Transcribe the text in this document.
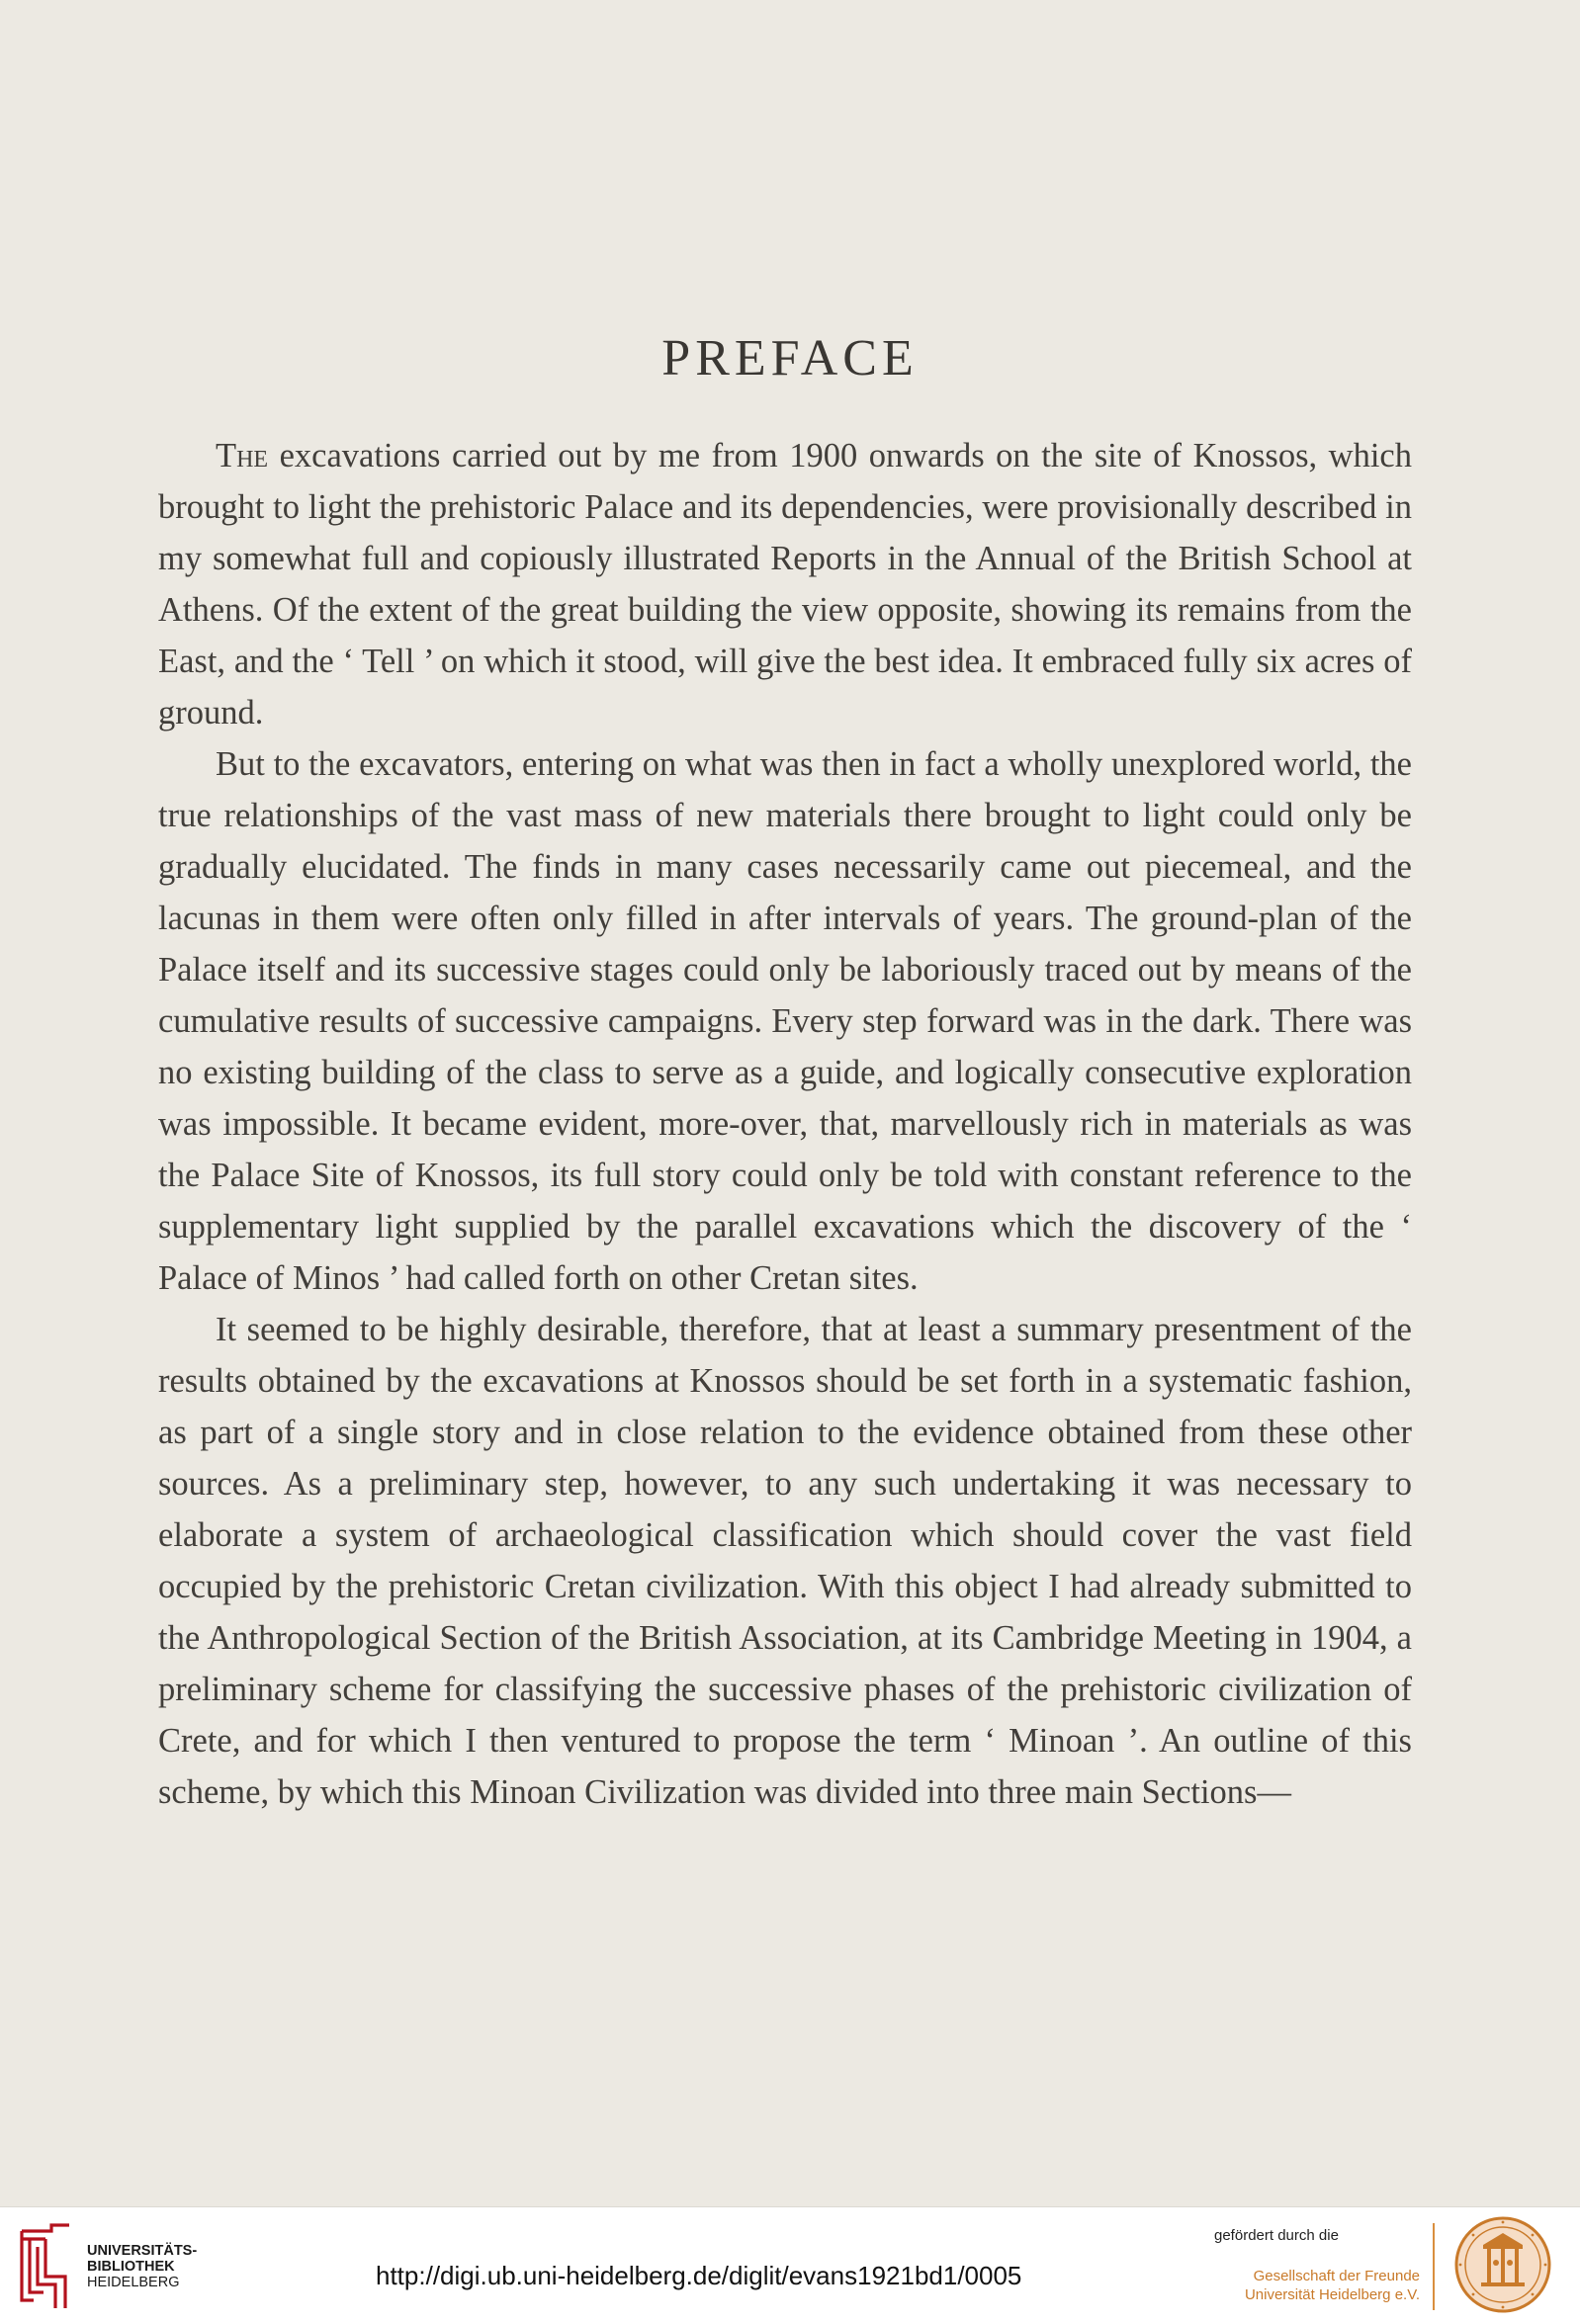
PREFACE

The excavations carried out by me from 1900 onwards on the site of Knossos, which brought to light the prehistoric Palace and its dependencies, were provisionally described in my somewhat full and copiously illustrated Reports in the Annual of the British School at Athens. Of the extent of the great building the view opposite, showing its remains from the East, and the ‘ Tell ’ on which it stood, will give the best idea. It embraced fully six acres of ground.

But to the excavators, entering on what was then in fact a wholly unexplored world, the true relationships of the vast mass of new materials there brought to light could only be gradually elucidated. The finds in many cases necessarily came out piecemeal, and the lacunas in them were often only filled in after intervals of years. The ground-plan of the Palace itself and its successive stages could only be laboriously traced out by means of the cumulative results of successive campaigns. Every step forward was in the dark. There was no existing building of the class to serve as a guide, and logically consecutive exploration was impossible. It became evident, more-over, that, marvellously rich in materials as was the Palace Site of Knossos, its full story could only be told with constant reference to the supplementary light supplied by the parallel excavations which the discovery of the ‘ Palace of Minos ’ had called forth on other Cretan sites.

It seemed to be highly desirable, therefore, that at least a summary presentment of the results obtained by the excavations at Knossos should be set forth in a systematic fashion, as part of a single story and in close relation to the evidence obtained from these other sources. As a preliminary step, however, to any such undertaking it was necessary to elaborate a system of archaeological classification which should cover the vast field occupied by the prehistoric Cretan civilization. With this object I had already submitted to the Anthropological Section of the British Association, at its Cambridge Meeting in 1904, a preliminary scheme for classifying the successive phases of the prehistoric civilization of Crete, and for which I then ventured to propose the term ‘ Minoan ’. An outline of this scheme, by which this Minoan Civilization was divided into three main Sections—

UNIVERSITÄTS-
BIBLIOTHEK
HEIDELBERG	http://digi.ub.uni-heidelberg.de/diglit/evans1921bd1/0005
gefördert durch die
Gesellschaft der Freunde
Universität Heidelberg e.V.
